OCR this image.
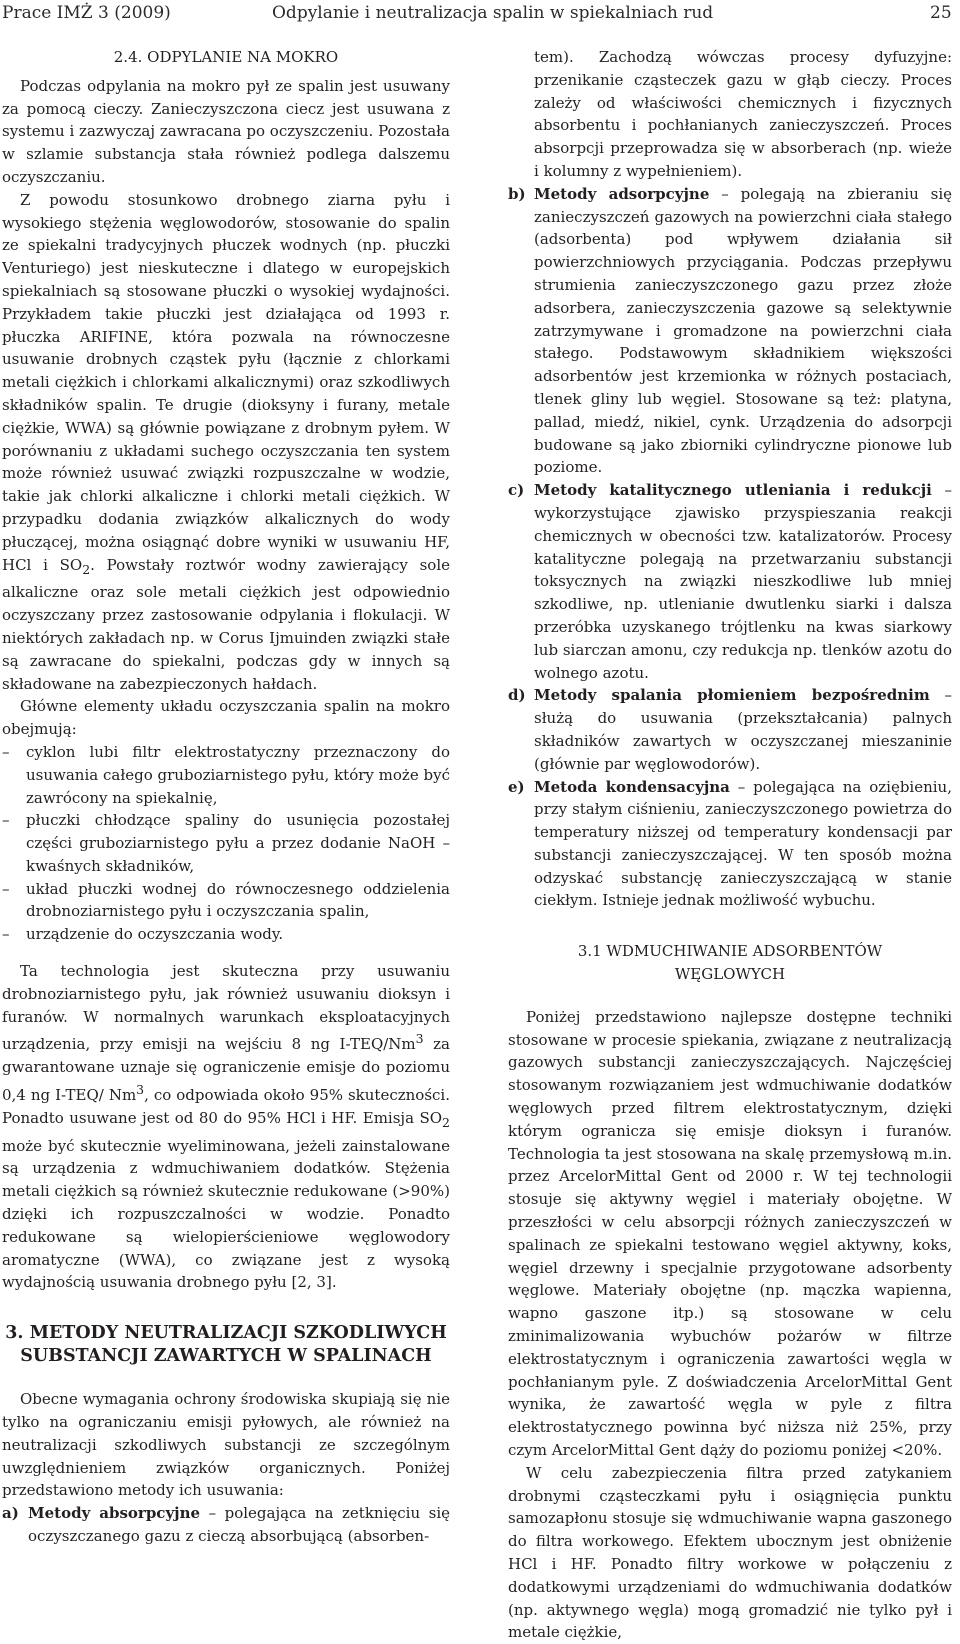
Prace IMŻ 3 (2009)	Odpylanie i neutralizacja spalin w spiekalniach rud	25
2.4. ODPYLANIE NA MOKRO

Podczas odpylania na mokro pył ze spalin jest usuwany za pomocą cieczy. Zanieczyszczona ciecz jest usuwana z systemu i zazwyczaj zawracana po oczyszczeniu. Pozostała w szlamie substancja stała również podlega dalszemu oczyszczaniu.

Z powodu stosunkowo drobnego ziarna pyłu i wysokiego stężenia węglowodorów, stosowanie do spalin ze spiekalni tradycyjnych płuczek wodnych (np. płuczki Venturiego) jest nieskuteczne i dlatego w europejskich spiekalniach są stosowane płuczki o wysokiej wydajności. Przykładem takie płuczki jest działająca od 1993 r. płuczka ARIFINE, która pozwala na równoczesne usuwanie drobnych cząstek pyłu (łącznie z chlorkami metali ciężkich i chlorkami alkalicznymi) oraz szkodliwych składników spalin. Te drugie (dioksyny i furany, metale ciężkie, WWA) są głównie powiązane z drobnym pyłem. W porównaniu z układami suchego oczyszczania ten system może również usuwać związki rozpuszczalne w wodzie, takie jak chlorki alkaliczne i chlorki metali ciężkich. W przypadku dodania związków alkalicznych do wody płuczącej, można osiągnąć dobre wyniki w usuwaniu HF, HCl i $SO_2$. Powstały roztwór wodny zawierający sole alkaliczne oraz sole metali ciężkich jest odpowiednio oczyszczany przez zastosowanie odpylania i flokulacji. W niektórych zakładach np. w Corus Ijmuinden związki stałe są zawracane do spiekalni, podczas gdy w innych są składowane na zabezpieczonych hałdach.

Główne elementy układu oczyszczania spalin na mokro obejmują:

–	cyklon lubi filtr elektrostatyczny przeznaczony do usuwania całego gruboziarnistego pyłu, który może być zawrócony na spiekalnię,
–	płuczki chłodzące spaliny do usunięcia pozostałej części gruboziarnistego pyłu a przez dodanie NaOH – kwaśnych składników,
–	układ płuczki wodnej do równoczesnego oddzielenia drobnoziarnistego pyłu i oczyszczania spalin,
–	urządzenie do oczyszczania wody.

Ta technologia jest skuteczna przy usuwaniu drobnoziarnistego pyłu, jak również usuwaniu dioksyn i furanów. W normalnych warunkach eksploatacyjnych urządzenia, przy emisji na wejściu 8 ng I-TEQ/Nm$^3$ za gwarantowane uznaje się ograniczenie emisje do poziomu 0,4 ng I-TEQ/ Nm$^3$, co odpowiada około 95% skuteczności. Ponadto usuwane jest od 80 do 95% HCl i HF. Emisja $SO_2$ może być skutecznie wyeliminowana, jeżeli zainstalowane są urządzenia z wdmuchiwaniem dodatków. Stężenia metali ciężkich są również skutecznie redukowane (>90%) dzięki ich rozpuszczalności w wodzie. Ponadto redukowane są wielopierścieniowe węglowodory aromatyczne (WWA), co związane jest z wysoką wydajnością usuwania drobnego pyłu [2, 3].

3. METODY NEUTRALIZACJI SZKODLIWYCH SUBSTANCJI ZAWARTYCH W SPALINACH

Obecne wymagania ochrony środowiska skupiają się nie tylko na ograniczaniu emisji pyłowych, ale również na neutralizacji szkodliwych substancji ze szczególnym uwzględnieniem związków organicznych. Poniżej przedstawiono metody ich usuwania:

a) Metody absorpcyjne – polegająca na zetknięciu się oczyszczanego gazu z cieczą absorbującą (absorben-
tem). Zachodzą wówczas procesy dyfuzyjne: przenikanie cząsteczek gazu w głąb cieczy. Proces zależy od właściwości chemicznych i fizycznych absorbentu i pochłanianych zanieczyszczeń. Proces absorpcji przeprowadza się w absorberach (np. wieże i kolumny z wypełnieniem).
b) Metody adsorpcyjne – polegają na zbieraniu się zanieczyszczeń gazowych na powierzchni ciała stałego (adsorbenta) pod wpływem działania sił powierzchniowych przyciągania. Podczas przepływu strumienia zanieczyszczonego gazu przez złoże adsorbera, zanieczyszczenia gazowe są selektywnie zatrzymywane i gromadzone na powierzchni ciała stałego. Podstawowym składnikiem większości adsorbentów jest krzemionka w różnych postaciach, tlenek gliny lub węgiel. Stosowane są też: platyna, pallad, miedź, nikiel, cynk. Urządzenia do adsorpcji budowane są jako zbiorniki cylindryczne pionowe lub poziome.
c) Metody katalitycznego utleniania i redukcji – wykorzystujące zjawisko przyspieszania reakcji chemicznych w obecności tzw. katalizatorów. Procesy katalityczne polegają na przetwarzaniu substancji toksycznych na związki nieszkodliwe lub mniej szkodliwe, np. utlenianie dwutlenku siarki i dalsza przeróbka uzyskanego trójtlenku na kwas siarkowy lub siarczan amonu, czy redukcja np. tlenków azotu do wolnego azotu.
d) Metody spalania płomieniem bezpośrednim – służą do usuwania (przekształcania) palnych składników zawartych w oczyszczanej mieszaninie (głównie par węglowodorów).
e) Metoda kondensacyjna – polegająca na oziębieniu, przy stałym ciśnieniu, zanieczyszczonego powietrza do temperatury niższej od temperatury kondensacji par substancji zanieczyszczającej. W ten sposób można odzyskać substancję zanieczyszczającą w stanie ciekłym. Istnieje jednak możliwość wybuchu.
3.1 WDMUCHIWANIE ADSORBENTÓW WĘGLOWYCH

Poniżej przedstawiono najlepsze dostępne techniki stosowane w procesie spiekania, związane z neutralizacją gazowych substancji zanieczyszczających. Najczęściej stosowanym rozwiązaniem jest wdmuchiwanie dodatków węglowych przed filtrem elektrostatycznym, dzięki którym ogranicza się emisje dioksyn i furanów. Technologia ta jest stosowana na skalę przemysłową m.in. przez ArcelorMittal Gent od 2000 r. W tej technologii stosuje się aktywny węgiel i materiały obojętne. W przeszłości w celu absorpcji różnych zanieczyszczeń w spalinach ze spiekalni testowano węgiel aktywny, koks, węgiel drzewny i specjalnie przygotowane adsorbenty węglowe. Materiały obojętne (np. mączka wapienna, wapno gaszone itp.) są stosowane w celu zminimalizowania wybuchów pożarów w filtrze elektrostatycznym i ograniczenia zawartości węgla w pochłanianym pyle. Z doświadczenia ArcelorMittal Gent wynika, że zawartość węgla w pyle z filtra elektrostatycznego powinna być niższa niż 25%, przy czym ArcelorMittal Gent dąży do poziomu poniżej <20%.

W celu zabezpieczenia filtra przed zatykaniem drobnymi cząsteczkami pyłu i osiągnięcia punktu samozapłonu stosuje się wdmuchiwanie wapna gaszonego do filtra workowego. Efektem ubocznym jest obniżenie HCl i HF. Ponadto filtry workowe w połączeniu z dodatkowymi urządzeniami do wdmuchiwania dodatków (np. aktywnego węgla) mogą gromadzić nie tylko pył i metale ciężkie,
